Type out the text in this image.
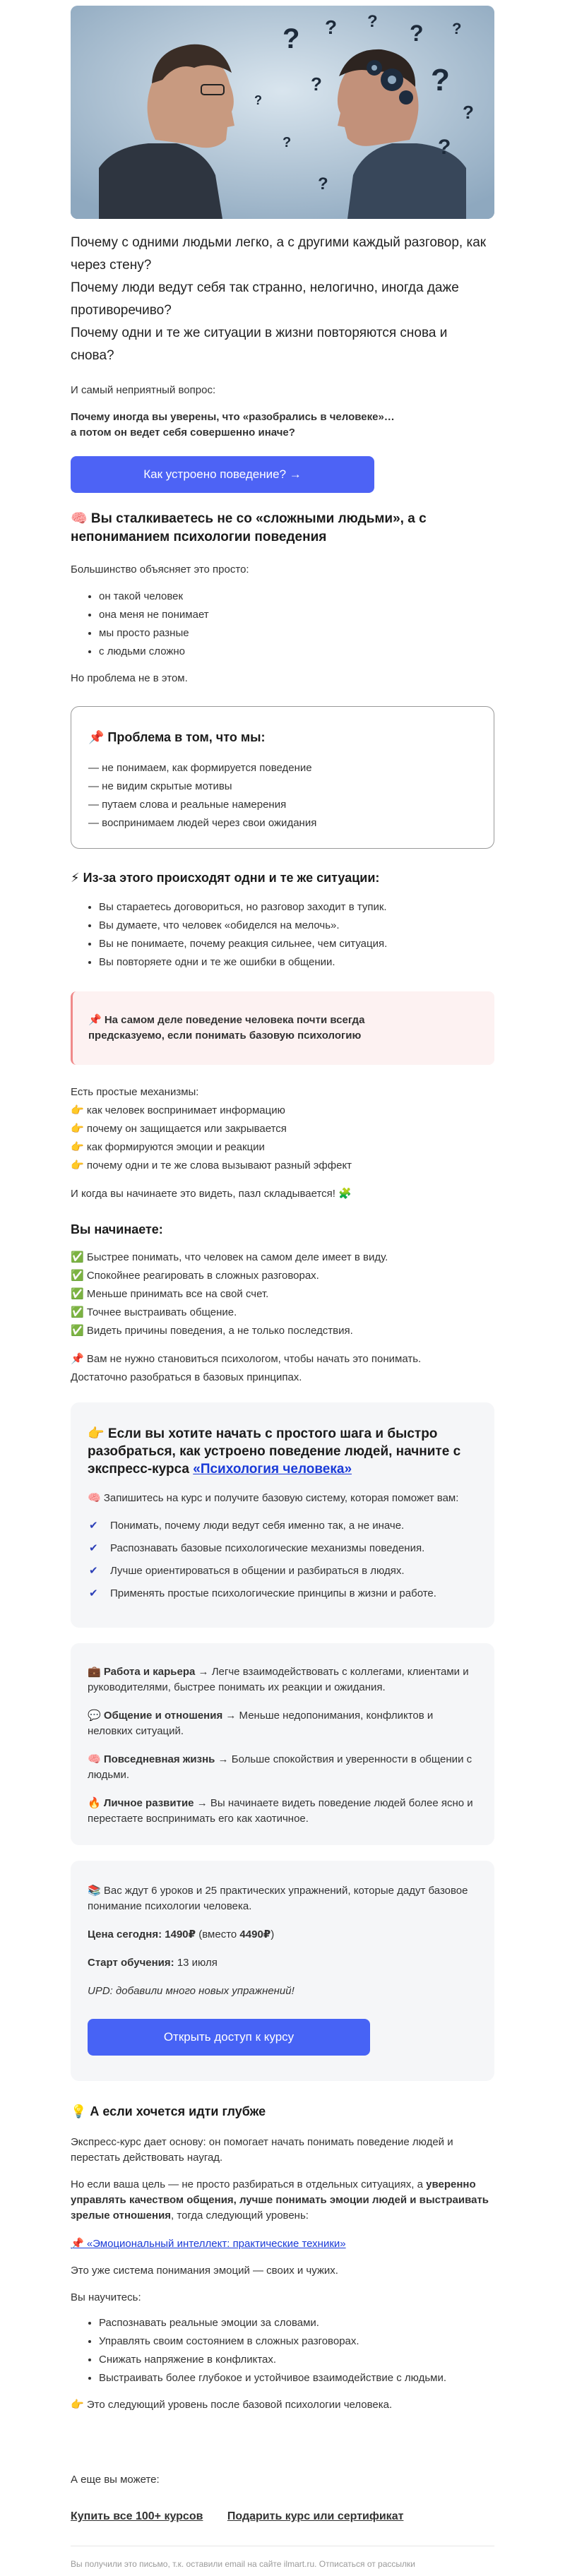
? ? ? ? ?
?
?
?
?
?
?
?

Почему с одними людьми легко, а с другими каждый разговор, как через стену?

Почему люди ведут себя так странно, нелогично, иногда даже противоречиво?

Почему одни и те же ситуации в жизни повторяются снова и снова?

И самый неприятный вопрос:

Почему иногда вы уверены, что «разобрались в человеке»…

а потом он ведет себя совершенно иначе?

Как устроено поведение? →
🧠 Вы сталкиваетесь не со «сложными людьми», а с непониманием психологии поведения

Большинство объясняет это просто:

• он такой человек
• она меня не понимает
• мы просто разные
• с людьми сложно

Но проблема не в этом.

📌 Проблема в том, что мы:

— не понимаем, как формируется поведение

— не видим скрытые мотивы

— путаем слова и реальные намерения

— воспринимаем людей через свои ожидания

⚡ Из-за этого происходят одни и те же ситуации:
• Вы стараетесь договориться, но разговор заходит в тупик.
• Вы думаете, что человек «обиделся на мелочь».
• Вы не понимаете, почему реакция сильнее, чем ситуация.
• Вы повторяете одни и те же ошибки в общении.

📌 На самом деле поведение человека почти всегда

предсказуемо, если понимать базовую психологию

Есть простые механизмы:

👉 как человек воспринимает информацию

👉 почему он защищается или закрывается

👉 как формируются эмоции и реакции

👉 почему одни и те же слова вызывают разный эффект

И когда вы начинаете это видеть, пазл складывается! 🧩

Вы начинаете:

✅ Быстрее понимать, что человек на самом деле имеет в виду.

✅ Спокойнее реагировать в сложных разговорах.

✅ Меньше принимать все на свой счет.

✅ Точнее выстраивать общение.

✅ Видеть причины поведения, а не только последствия.

📌 Вам не нужно становиться психологом, чтобы начать это понимать.

Достаточно разобраться в базовых принципах.

👉 Если вы хотите начать с простого шага и быстро разобраться, как устроено поведение людей, начните с экспресс-курса «Психология человека»

🧠 Запишитесь на курс и получите базовую систему, которая поможет вам:

✔ Понимать, почему люди ведут себя именно так, а не иначе.
✔ Распознавать базовые психологические механизмы поведения.
✔ Лучше ориентироваться в общении и разбираться в людях.
✔ Применять простые психологические принципы в жизни и работе.

💼 Работа и карьера → Легче взаимодействовать с коллегами, клиентами и руководителями, быстрее понимать их реакции и ожидания.

💬 Общение и отношения → Меньше недопонимания, конфликтов и неловких ситуаций.

🧠 Повседневная жизнь → Больше спокойствия и уверенности в общении с людьми.

🔥 Личное развитие → Вы начинаете видеть поведение людей более ясно и перестаете воспринимать его как хаотичное.

📚 Вас ждут 6 уроков и 25 практических упражнений, которые дадут базовое понимание психологии человека.

Цена сегодня: 1490₽ (вместо 4490₽)

Старт обучения: 13 июля

UPD: добавили много новых упражнений!

Открыть доступ к курсу
💡 А если хочется идти глубже

Экспресс-курс дает основу: он помогает начать понимать поведение людей и перестать действовать наугад.

Но если ваша цель — не просто разбираться в отдельных ситуациях, а уверенно управлять качеством общения, лучше понимать эмоции людей и выстраивать зрелые отношения, тогда следующий уровень:

📌 «Эмоциональный интеллект: практические техники»

Это уже система понимания эмоций — своих и чужих.

Вы научитесь:

• Распознавать реальные эмоции за словами.
• Управлять своим состоянием в сложных разговорах.
• Снижать напряжение в конфликтах.
• Выстраивать более глубокое и устойчивое взаимодействие с людьми.

👉 Это следующий уровень после базовой психологии человека.

А еще вы можете:

Купить все 100+ курсов Подарить курс или сертификат
Вы получили это письмо, т.к. оставили email на сайте ilmart.ru. Отписаться от рассылки
